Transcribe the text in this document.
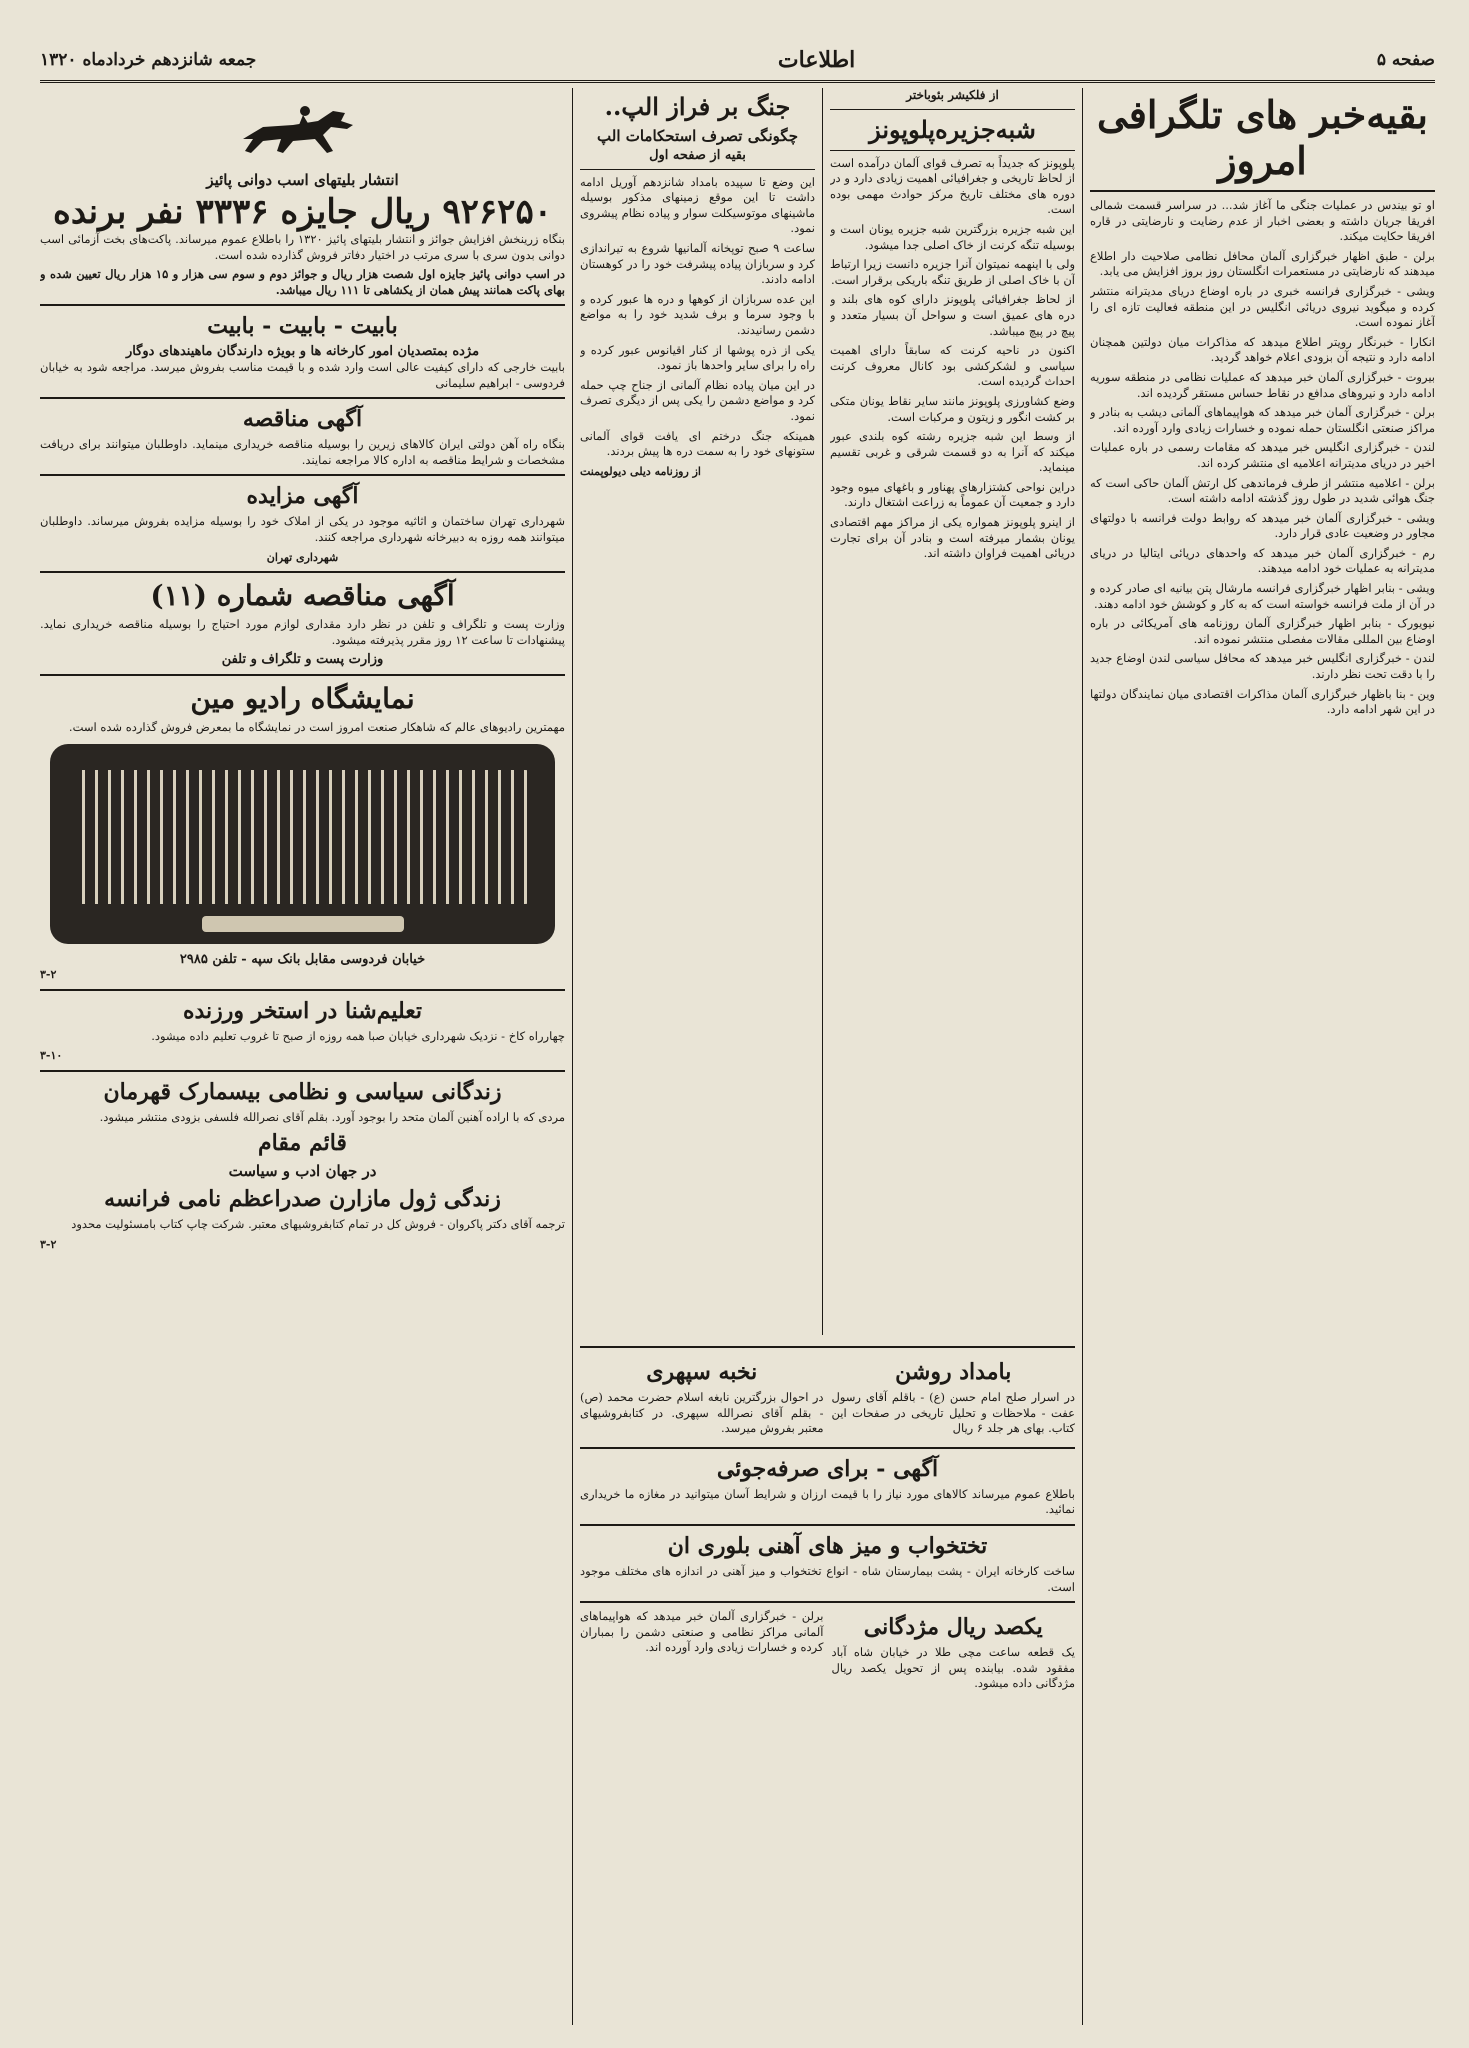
صفحه ۵
اطلاعات
جمعه شانزدهم خردادماه ۱۳۲۰
بقیه‌خبر های تلگرافی امروز

او تو بیندس در عملیات جنگی ما آغاز شد... در سراسر قسمت شمالی افریقا جریان داشته و بعضی اخبار از عدم رضایت و نارضایتی در قاره افریقا حکایت میکند.

برلن - طبق اظهار خبرگزاری آلمان محافل نظامی صلاحیت دار اطلاع میدهند که نارضایتی در مستعمرات انگلستان روز بروز افزایش می یابد.

ویشی - خبرگزاری فرانسه خبری در باره اوضاع دریای مدیترانه منتشر کرده و میگوید نیروی دریائی انگلیس در این منطقه فعالیت تازه ای را آغاز نموده است.

انکارا - خبرنگار رویتر اطلاع میدهد که مذاکرات میان دولتین همچنان ادامه دارد و نتیجه آن بزودی اعلام خواهد گردید.

بیروت - خبرگزاری آلمان خبر میدهد که عملیات نظامی در منطقه سوریه ادامه دارد و نیروهای مدافع در نقاط حساس مستقر گردیده اند.

برلن - خبرگزاری آلمان خبر میدهد که هواپیماهای آلمانی دیشب به بنادر و مراکز صنعتی انگلستان حمله نموده و خسارات زیادی وارد آورده اند.

لندن - خبرگزاری انگلیس خبر میدهد که مقامات رسمی در باره عملیات اخیر در دریای مدیترانه اعلامیه ای منتشر کرده اند.

برلن - اعلامیه منتشر از طرف فرماندهی کل ارتش آلمان حاکی است که جنگ هوائی شدید در طول روز گذشته ادامه داشته است.

ویشی - خبرگزاری آلمان خبر میدهد که روابط دولت فرانسه با دولتهای مجاور در وضعیت عادی قرار دارد.

رم - خبرگزاری آلمان خبر میدهد که واحدهای دریائی ایتالیا در دریای مدیترانه به عملیات خود ادامه میدهند.

ویشی - بنابر اظهار خبرگزاری فرانسه مارشال پتن بیانیه ای صادر کرده و در آن از ملت فرانسه خواسته است که به کار و کوشش خود ادامه دهند.

نیویورک - بنابر اظهار خبرگزاری آلمان روزنامه های آمریکائی در باره اوضاع بین المللی مقالات مفصلی منتشر نموده اند.

لندن - خبرگزاری انگلیس خبر میدهد که محافل سیاسی لندن اوضاع جدید را با دقت تحت نظر دارند.

وین - بنا باظهار خبرگزاری آلمان مذاکرات اقتصادی میان نمایندگان دولتها در این شهر ادامه دارد.

از فلکیشر بئوباختر
شبه‌جزیره‌پلوپونز

پلوپونز که جدیداً به تصرف قوای آلمان درآمده است از لحاظ تاریخی و جغرافیائی اهمیت زیادی دارد و در دوره های مختلف تاریخ مرکز حوادث مهمی بوده است.

این شبه جزیره بزرگترین شبه جزیره یونان است و بوسیله تنگه کرنت از خاک اصلی جدا میشود.

ولی با اینهمه نمیتوان آنرا جزیره دانست زیرا ارتباط آن با خاک اصلی از طریق تنگه باریکی برقرار است.

از لحاظ جغرافیائی پلوپونز دارای کوه های بلند و دره های عمیق است و سواحل آن بسیار متعدد و پیچ در پیچ میباشد.

اکنون در ناحیه کرنت که سابقاً دارای اهمیت سیاسی و لشکرکشی بود کانال معروف کرنت احداث گردیده است.

وضع کشاورزی پلوپونز مانند سایر نقاط یونان متکی بر کشت انگور و زیتون و مرکبات است.

از وسط این شبه جزیره رشته کوه بلندی عبور میکند که آنرا به دو قسمت شرقی و غربی تقسیم مینماید.

دراین نواحی کشتزارهای پهناور و باغهای میوه وجود دارد و جمعیت آن عموماً به زراعت اشتغال دارند.

از اینرو پلوپونز همواره یکی از مراکز مهم اقتصادی یونان بشمار میرفته است و بنادر آن برای تجارت دریائی اهمیت فراوان داشته اند.

جنگ بر فراز الپ..
چگونگی تصرف استحکامات الپ
بقیه از صفحه اول

این وضع تا سپیده بامداد شانزدهم آوریل ادامه داشت تا این موقع زمینهای مذکور بوسیله ماشینهای موتوسیکلت سوار و پیاده نظام پیشروی نمود.

ساعت ۹ صبح توپخانه آلمانیها شروع به تیراندازی کرد و سربازان پیاده پیشرفت خود را در کوهستان ادامه دادند.

این عده سربازان از کوهها و دره ها عبور کرده و با وجود سرما و برف شدید خود را به مواضع دشمن رسانیدند.

یکی از ذره پوشها از کنار اقیانوس عبور کرده و راه را برای سایر واحدها باز نمود.

در این میان پیاده نظام آلمانی از جناح چپ حمله کرد و مواضع دشمن را یکی پس از دیگری تصرف نمود.

همینکه جنگ درختم ای یافت قوای آلمانی ستونهای خود را به سمت دره ها پیش بردند.

از روزنامه دیلی دیولوپمنت
بامداد روشن

در اسرار صلح امام حسن (ع) - باقلم آقای رسول عفت - ملاحظات و تحلیل تاریخی در صفحات این کتاب. بهای هر جلد ۶ ریال

نخبه سپهری

در احوال بزرگترین نابغه اسلام حضرت محمد (ص) - بقلم آقای نصرالله سپهری. در کتابفروشیهای معتبر بفروش میرسد.

آگهی - برای صرفه‌جوئی

باطلاع عموم میرساند کالاهای مورد نیاز را با قیمت ارزان و شرایط آسان میتوانید در مغازه ما خریداری نمائید.

تختخواب و میز های آهنی بلوری ان

ساخت کارخانه ایران - پشت بیمارستان شاه - انواع تختخواب و میز آهنی در اندازه های مختلف موجود است.

یکصد ریال مژدگانی

یک قطعه ساعت مچی طلا در خیابان شاه آباد مفقود شده. بیابنده پس از تحویل یکصد ریال مژدگانی داده میشود.

برلن - خبرگزاری آلمان خبر میدهد که هواپیماهای آلمانی مراکز نظامی و صنعتی دشمن را بمباران کرده و خسارات زیادی وارد آورده اند.

انتشار بلیتهای اسب دوانی پائیز
۹۲۶۲۵۰ ریال جایزه ۳۳۳۶ نفر برنده

بنگاه زرینخش افزایش جوائز و انتشار بلیتهای پائیز ۱۳۲۰ را باطلاع عموم میرساند. پاکت‌های بخت آزمائی اسب دوانی بدون سری با سری مرتب در اختیار دفاتر فروش گذارده شده است.

در اسب دوانی پائیز جایزه اول شصت هزار ریال و جوائز دوم و سوم سی هزار و ۱۵ هزار ریال تعیین شده و بهای پاکت همانند پیش همان از یکشاهی تا ۱۱۱ ریال میباشد.

بابیت - بابیت - بابیت
مژده بمتصدیان امور کارخانه ها و بویژه دارندگان ماهیندهای دوگار

بابیت خارجی که دارای کیفیت عالی است وارد شده و با قیمت مناسب بفروش میرسد. مراجعه شود به خیابان فردوسی - ابراهیم سلیمانی

آگهی مناقصه

بنگاه راه آهن دولتی ایران کالاهای زیرین را بوسیله مناقصه خریداری مینماید. داوطلبان میتوانند برای دریافت مشخصات و شرایط مناقصه به اداره کالا مراجعه نمایند.

آگهی مزایده

شهرداری تهران ساختمان و اثاثیه موجود در یکی از املاک خود را بوسیله مزایده بفروش میرساند. داوطلبان میتوانند همه روزه به دبیرخانه شهرداری مراجعه کنند.

شهرداری تهران
آگهی مناقصه شماره (۱۱)

وزارت پست و تلگراف و تلفن در نظر دارد مقداری لوازم مورد احتیاج را بوسیله مناقصه خریداری نماید. پیشنهادات تا ساعت ۱۲ روز مقرر پذیرفته میشود.

وزارت پست و تلگراف و تلفن
نمایشگاه رادیو مین

مهمترین رادیوهای عالم که شاهکار صنعت امروز است در نمایشگاه ما بمعرض فروش گذارده شده است.

خیابان فردوسی مقابل بانک سپه - تلفن ۲۹۸۵
۳-۲
تعلیم‌شنا در استخر ورزنده

چهارراه کاخ - نزدیک شهرداری خیابان صبا همه روزه از صبح تا غروب تعلیم داده میشود.

۳-۱۰
زندگانی سیاسی و نظامی بیسمارک قهرمان

مردی که با اراده آهنین آلمان متحد را بوجود آورد. بقلم آقای نصرالله فلسفی بزودی منتشر میشود.

قائم مقام
در جهان ادب و سیاست
زندگی ژول مازارن صدراعظم نامی فرانسه

ترجمه آقای دکتر پاکروان - فروش کل در تمام کتابفروشیهای معتبر. شرکت چاپ کتاب بامسئولیت محدود

۳-۲
